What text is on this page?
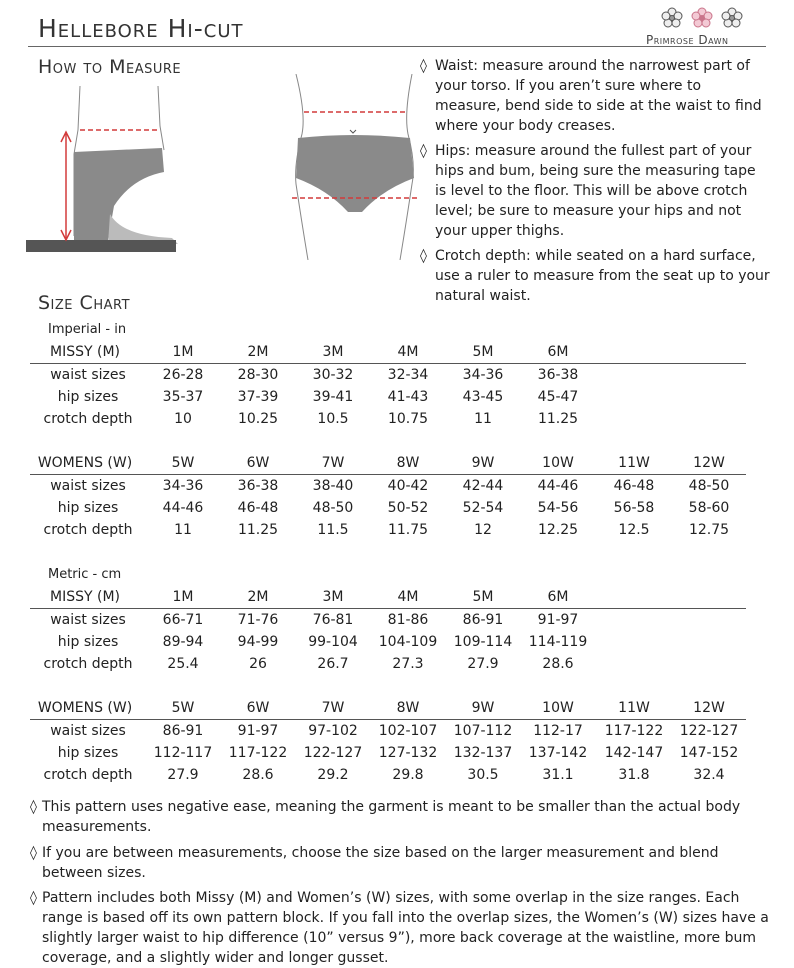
Hellebore Hi-cut	Primrose Dawn
How to Measure	◊ Waist: measure around the narrowest part of your torso. If you aren’t sure where to measure, bend side to side at the waist to find where your body creases.
◊ Hips: measure around the fullest part of your hips and bum, being sure the measuring tape is level to the floor. This will be above crotch level; be sure to measure your hips and not your upper thighs.
◊ Crotch depth: while seated on a hard surface, use a ruler to measure from the seat up to your natural waist.
Size Chart
Imperial - in
MISSY (M)	1M	2M	3M	4M	5M	6M
waist sizes	26-28	28-30	30-32	32-34	34-36	36-38
hip sizes	35-37	37-39	39-41	41-43	43-45	45-47
crotch depth	10	10.25	10.5	10.75	11	11.25
WOMENS (W)	5W	6W	7W	8W	9W	10W	11W	12W
waist sizes	34-36	36-38	38-40	40-42	42-44	44-46	46-48	48-50
hip sizes	44-46	46-48	48-50	50-52	52-54	54-56	56-58	58-60
crotch depth	11	11.25	11.5	11.75	12	12.25	12.5	12.75
Metric - cm
MISSY (M)	1M	2M	3M	4M	5M	6M
waist sizes	66-71	71-76	76-81	81-86	86-91	91-97
hip sizes	89-94	94-99	99-104	104-109	109-114	114-119
crotch depth	25.4	26	26.7	27.3	27.9	28.6
WOMENS (W)	5W	6W	7W	8W	9W	10W	11W	12W
waist sizes	86-91	91-97	97-102	102-107	107-112	112-17	117-122	122-127
hip sizes	112-117	117-122	122-127	127-132	132-137	137-142	142-147	147-152
crotch depth	27.9	28.6	29.2	29.8	30.5	31.1	31.8	32.4
◊ This pattern uses negative ease, meaning the garment is meant to be smaller than the actual body measurements.
◊ If you are between measurements, choose the size based on the larger measurement and blend between sizes.
◊ Pattern includes both Missy (M) and Women’s (W) sizes, with some overlap in the size ranges. Each range is based off its own pattern block. If you fall into the overlap sizes, the Women’s (W) sizes have a slightly larger waist to hip difference (10” versus 9”), more back coverage at the waistline, more bum coverage, and a slightly wider and longer gusset.
